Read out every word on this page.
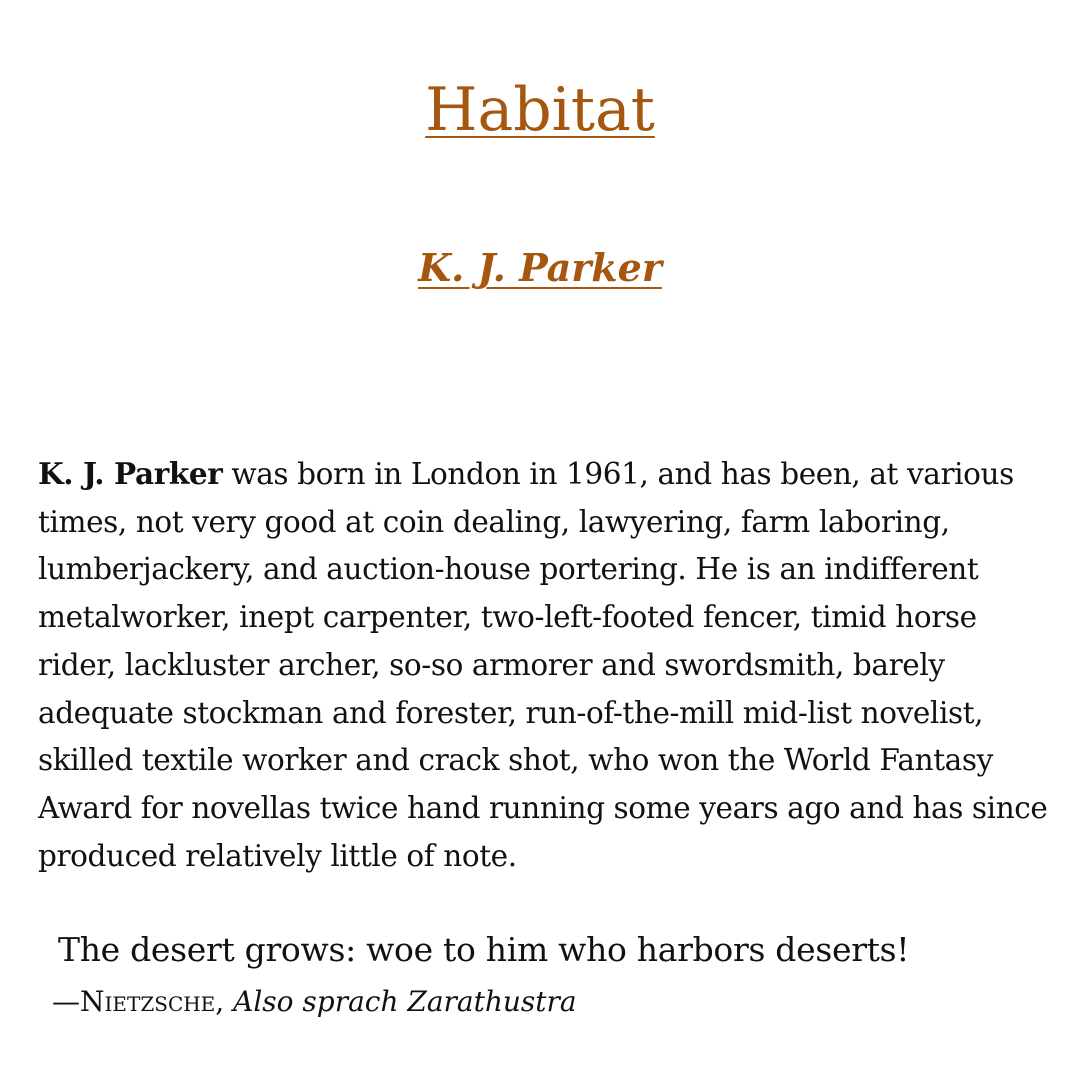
Habitat
K. J. Parker

K. J. Parker was born in London in 1961, and has been, at various times, not very good at coin dealing, lawyering, farm laboring, lumberjackery, and auction-house portering. He is an indifferent metalworker, inept carpenter, two-left-footed fencer, timid horse rider, lackluster archer, so-so armorer and swordsmith, barely adequate stockman and forester, run-of-the-mill mid-list novelist, skilled textile worker and crack shot, who won the World Fantasy Award for novellas twice hand running some years ago and has since produced relatively little of note.

The desert grows: woe to him who harbors deserts!

—Nietzsche, Also sprach Zarathustra
